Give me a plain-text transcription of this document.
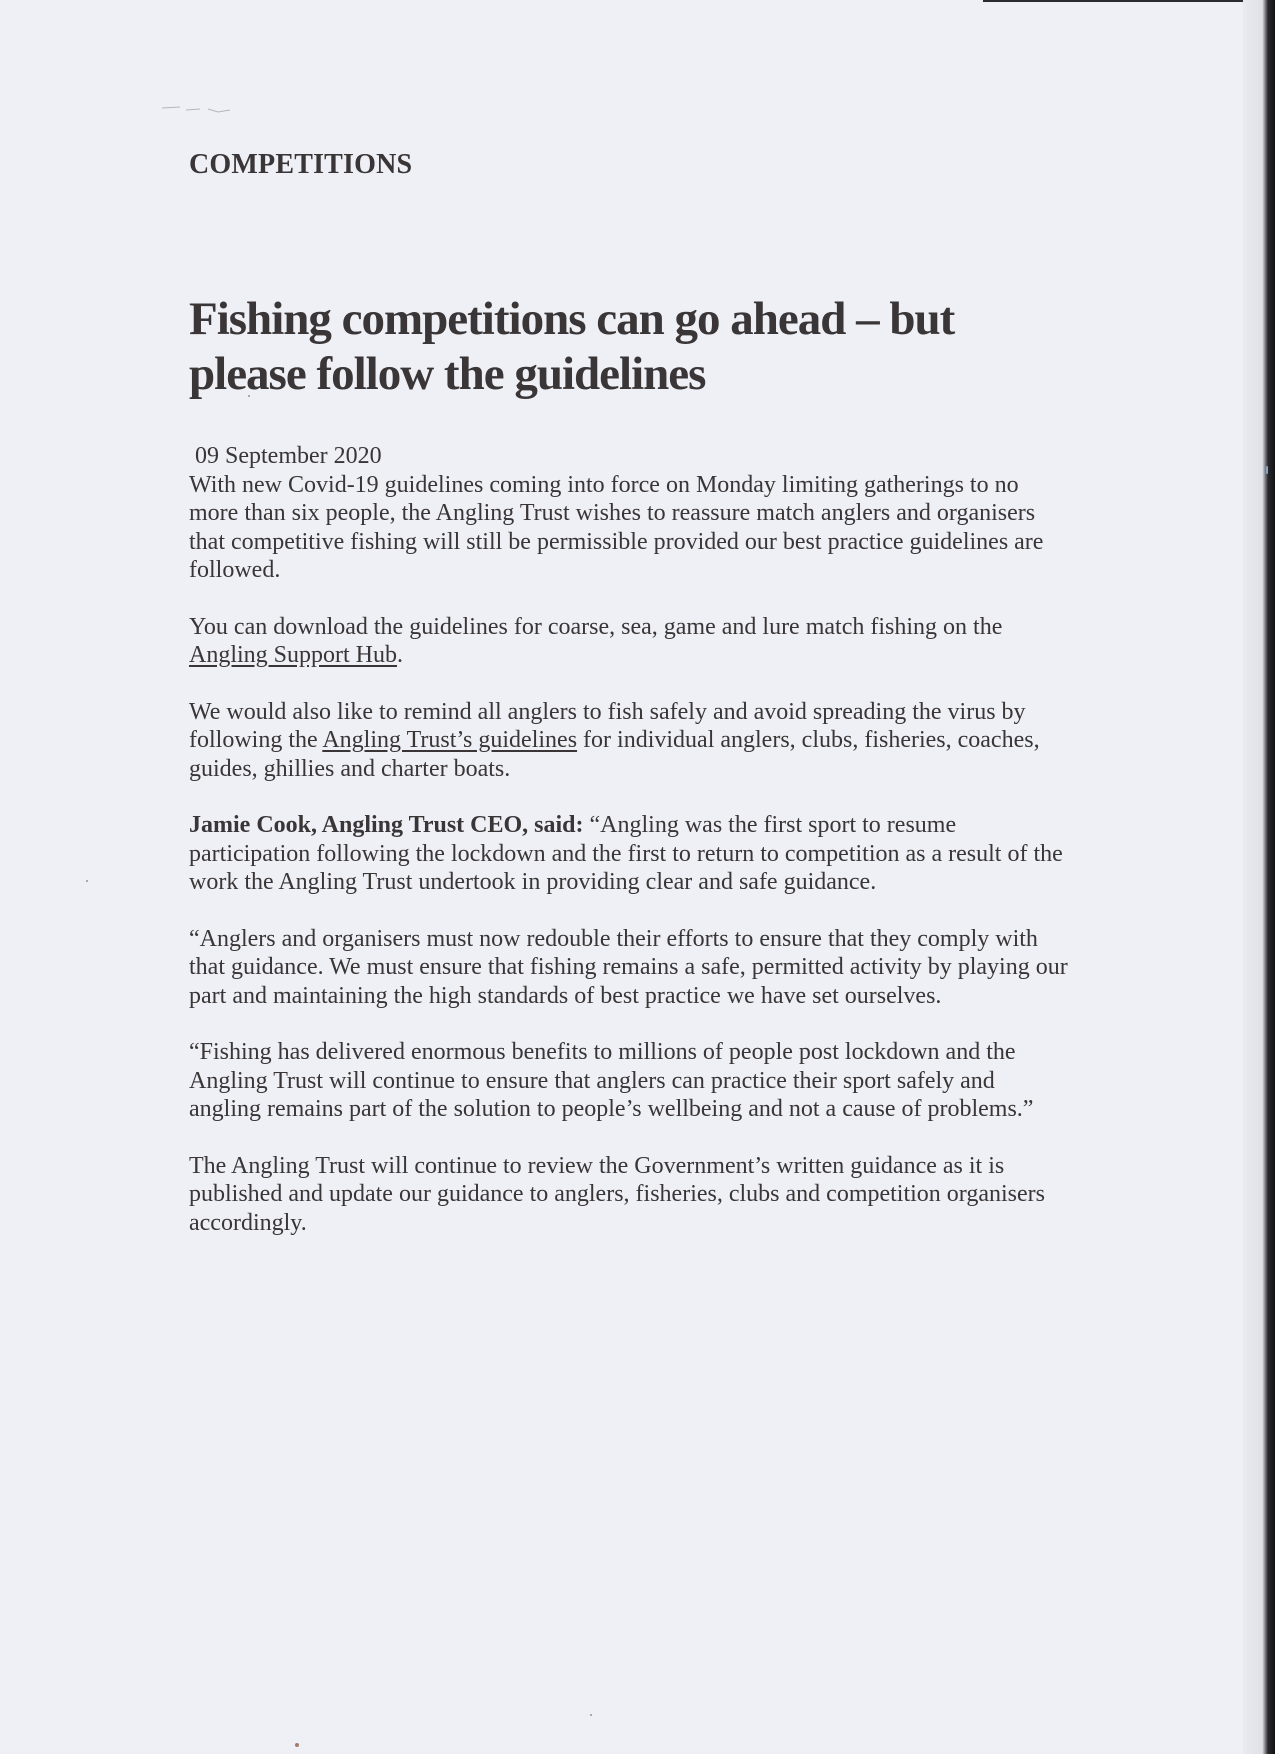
COMPETITIONS
Fishing competitions can go ahead – but please follow the guidelines
09 September 2020

With new Covid-19 guidelines coming into force on Monday limiting gatherings to no more than six people, the Angling Trust wishes to reassure match anglers and organisers that competitive fishing will still be permissible provided our best practice guidelines are followed.

You can download the guidelines for coarse, sea, game and lure match fishing on the Angling Support Hub.

We would also like to remind all anglers to fish safely and avoid spreading the virus by following the Angling Trust’s guidelines for individual anglers, clubs, fisheries, coaches, guides, ghillies and charter boats.

Jamie Cook, Angling Trust CEO, said: “Angling was the first sport to resume participation following the lockdown and the first to return to competition as a result of the work the Angling Trust undertook in providing clear and safe guidance.

“Anglers and organisers must now redouble their efforts to ensure that they comply with that guidance. We must ensure that fishing remains a safe, permitted activity by playing our part and maintaining the high standards of best practice we have set ourselves.

“Fishing has delivered enormous benefits to millions of people post lockdown and the Angling Trust will continue to ensure that anglers can practice their sport safely and angling remains part of the solution to people’s wellbeing and not a cause of problems.”

The Angling Trust will continue to review the Government’s written guidance as it is published and update our guidance to anglers, fisheries, clubs and competition organisers accordingly.
